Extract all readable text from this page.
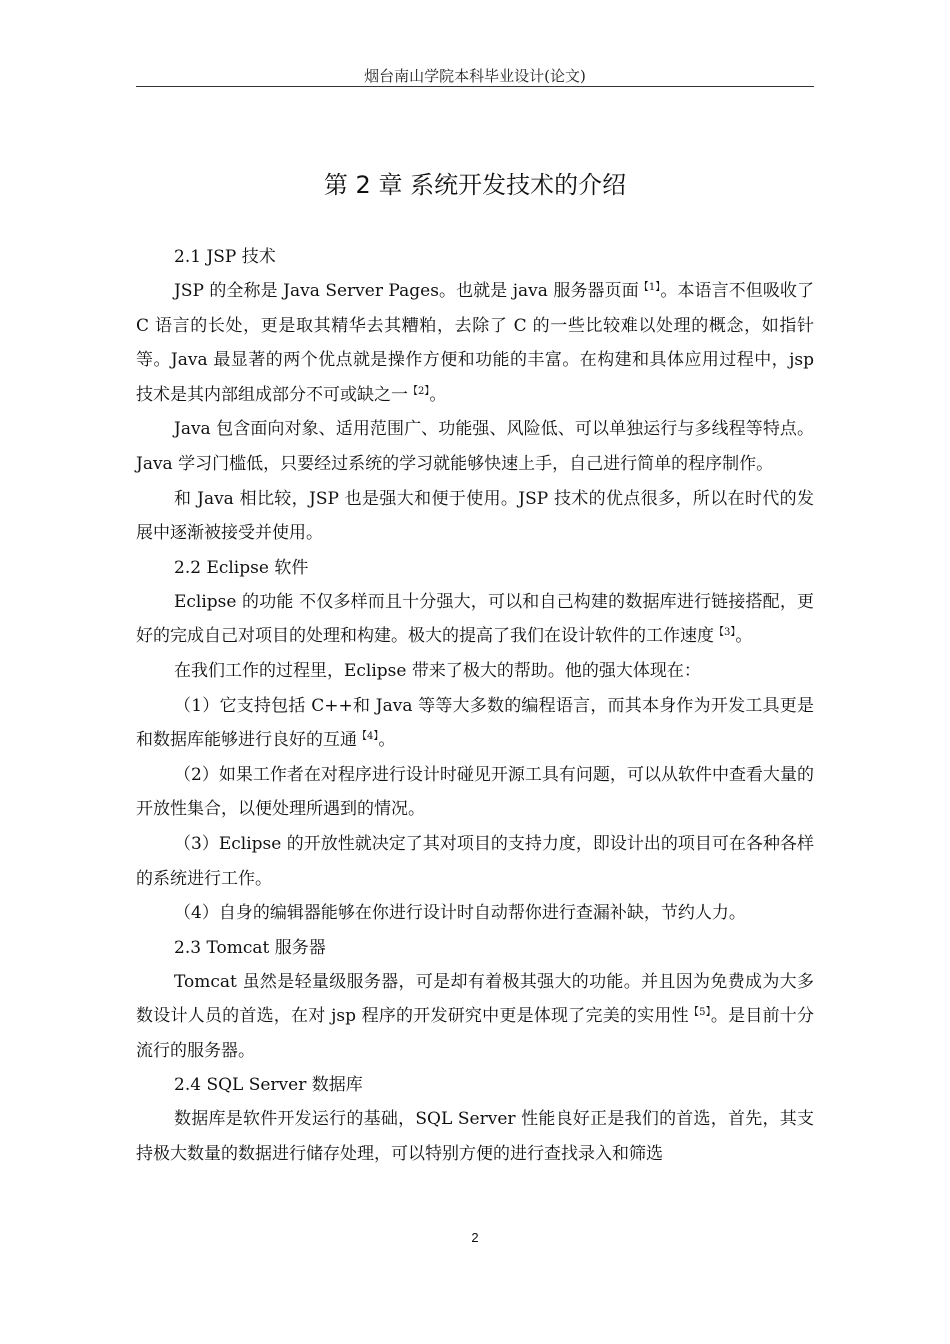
烟台南山学院本科毕业设计(论文)
第 2 章 系统开发技术的介绍
2.1 JSP 技术

JSP 的全称是 Java Server Pages。也就是 java 服务器页面$^{【1】}$。本语言不但吸收了 C 语言的长处，更是取其精华去其糟粕，去除了 C 的一些比较难以处理的概念，如指针等。Java 最显著的两个优点就是操作方便和功能的丰富。在构建和具体应用过程中，jsp 技术是其内部组成部分不可或缺之一$^{【2】}$。

Java 包含面向对象、适用范围广、功能强、风险低、可以单独运行与多线程等特点。Java 学习门槛低，只要经过系统的学习就能够快速上手，自己进行简单的程序制作。

和 Java 相比较，JSP 也是强大和便于使用。JSP 技术的优点很多，所以在时代的发展中逐渐被接受并使用。

2.2 Eclipse 软件

Eclipse 的功能 不仅多样而且十分强大，可以和自己构建的数据库进行链接搭配，更好的完成自己对项目的处理和构建。极大的提高了我们在设计软件的工作速度$^{【3】}$。

在我们工作的过程里，Eclipse 带来了极大的帮助。他的强大体现在：

（1）它支持包括 C++和 Java 等等大多数的编程语言，而其本身作为开发工具更是和数据库能够进行良好的互通$^{【4】}$。

（2）如果工作者在对程序进行设计时碰见开源工具有问题，可以从软件中查看大量的开放性集合，以便处理所遇到的情况。

（3）Eclipse 的开放性就决定了其对项目的支持力度，即设计出的项目可在各种各样的系统进行工作。

（4）自身的编辑器能够在你进行设计时自动帮你进行查漏补缺，节约人力。

2.3 Tomcat 服务器

Tomcat 虽然是轻量级服务器，可是却有着极其强大的功能。并且因为免费成为大多数设计人员的首选，在对 jsp 程序的开发研究中更是体现了完美的实用性$^{【5】}$。是目前十分流行的服务器。

2.4 SQL Server 数据库

数据库是软件开发运行的基础，SQL Server 性能良好正是我们的首选，首先，其支持极大数量的数据进行储存处理，可以特别方便的进行查找录入和筛选

2
